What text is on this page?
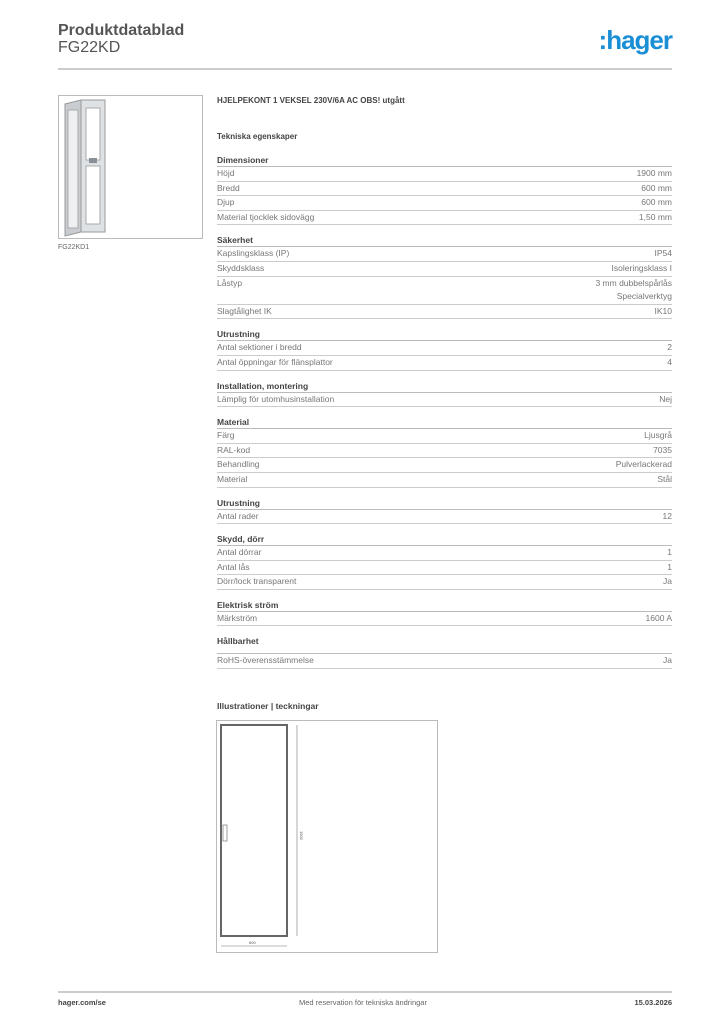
Produktdatablad
FG22KD	:hager
FG22KD1
HJELPEKONT 1 VEKSEL 230V/6A AC OBS! utgått
Tekniska egenskaper
Dimensioner
Höjd	1900 mm
Bredd	600 mm
Djup	600 mm
Material tjocklek sidovägg	1,50 mm
Säkerhet
Kapslingsklass (IP)	IP54
Skyddsklass	Isoleringsklass I
Låstyp	3 mm dubbelspårlås
Specialverktyg
Slagtålighet IK	IK10
Utrustning
Antal sektioner i bredd	2
Antal öppningar för flänsplattor	4
Installation, montering
Lämplig för utomhusinstallation	Nej
Material
Färg	Ljusgrå
RAL-kod	7035
Behandling	Pulverlackerad
Material	Stål
Utrustning
Antal rader	12
Skydd, dörr
Antal dörrar	1
Antal lås	1
Dörr/lock transparent	Ja
Elektrisk ström
Märkström	1600 A
Hållbarhet
RoHS-överensstämmelse	Ja
Illustrationer | teckningar
1900
600
hager.com/se	Med reservation för tekniska ändringar	15.03.2026
